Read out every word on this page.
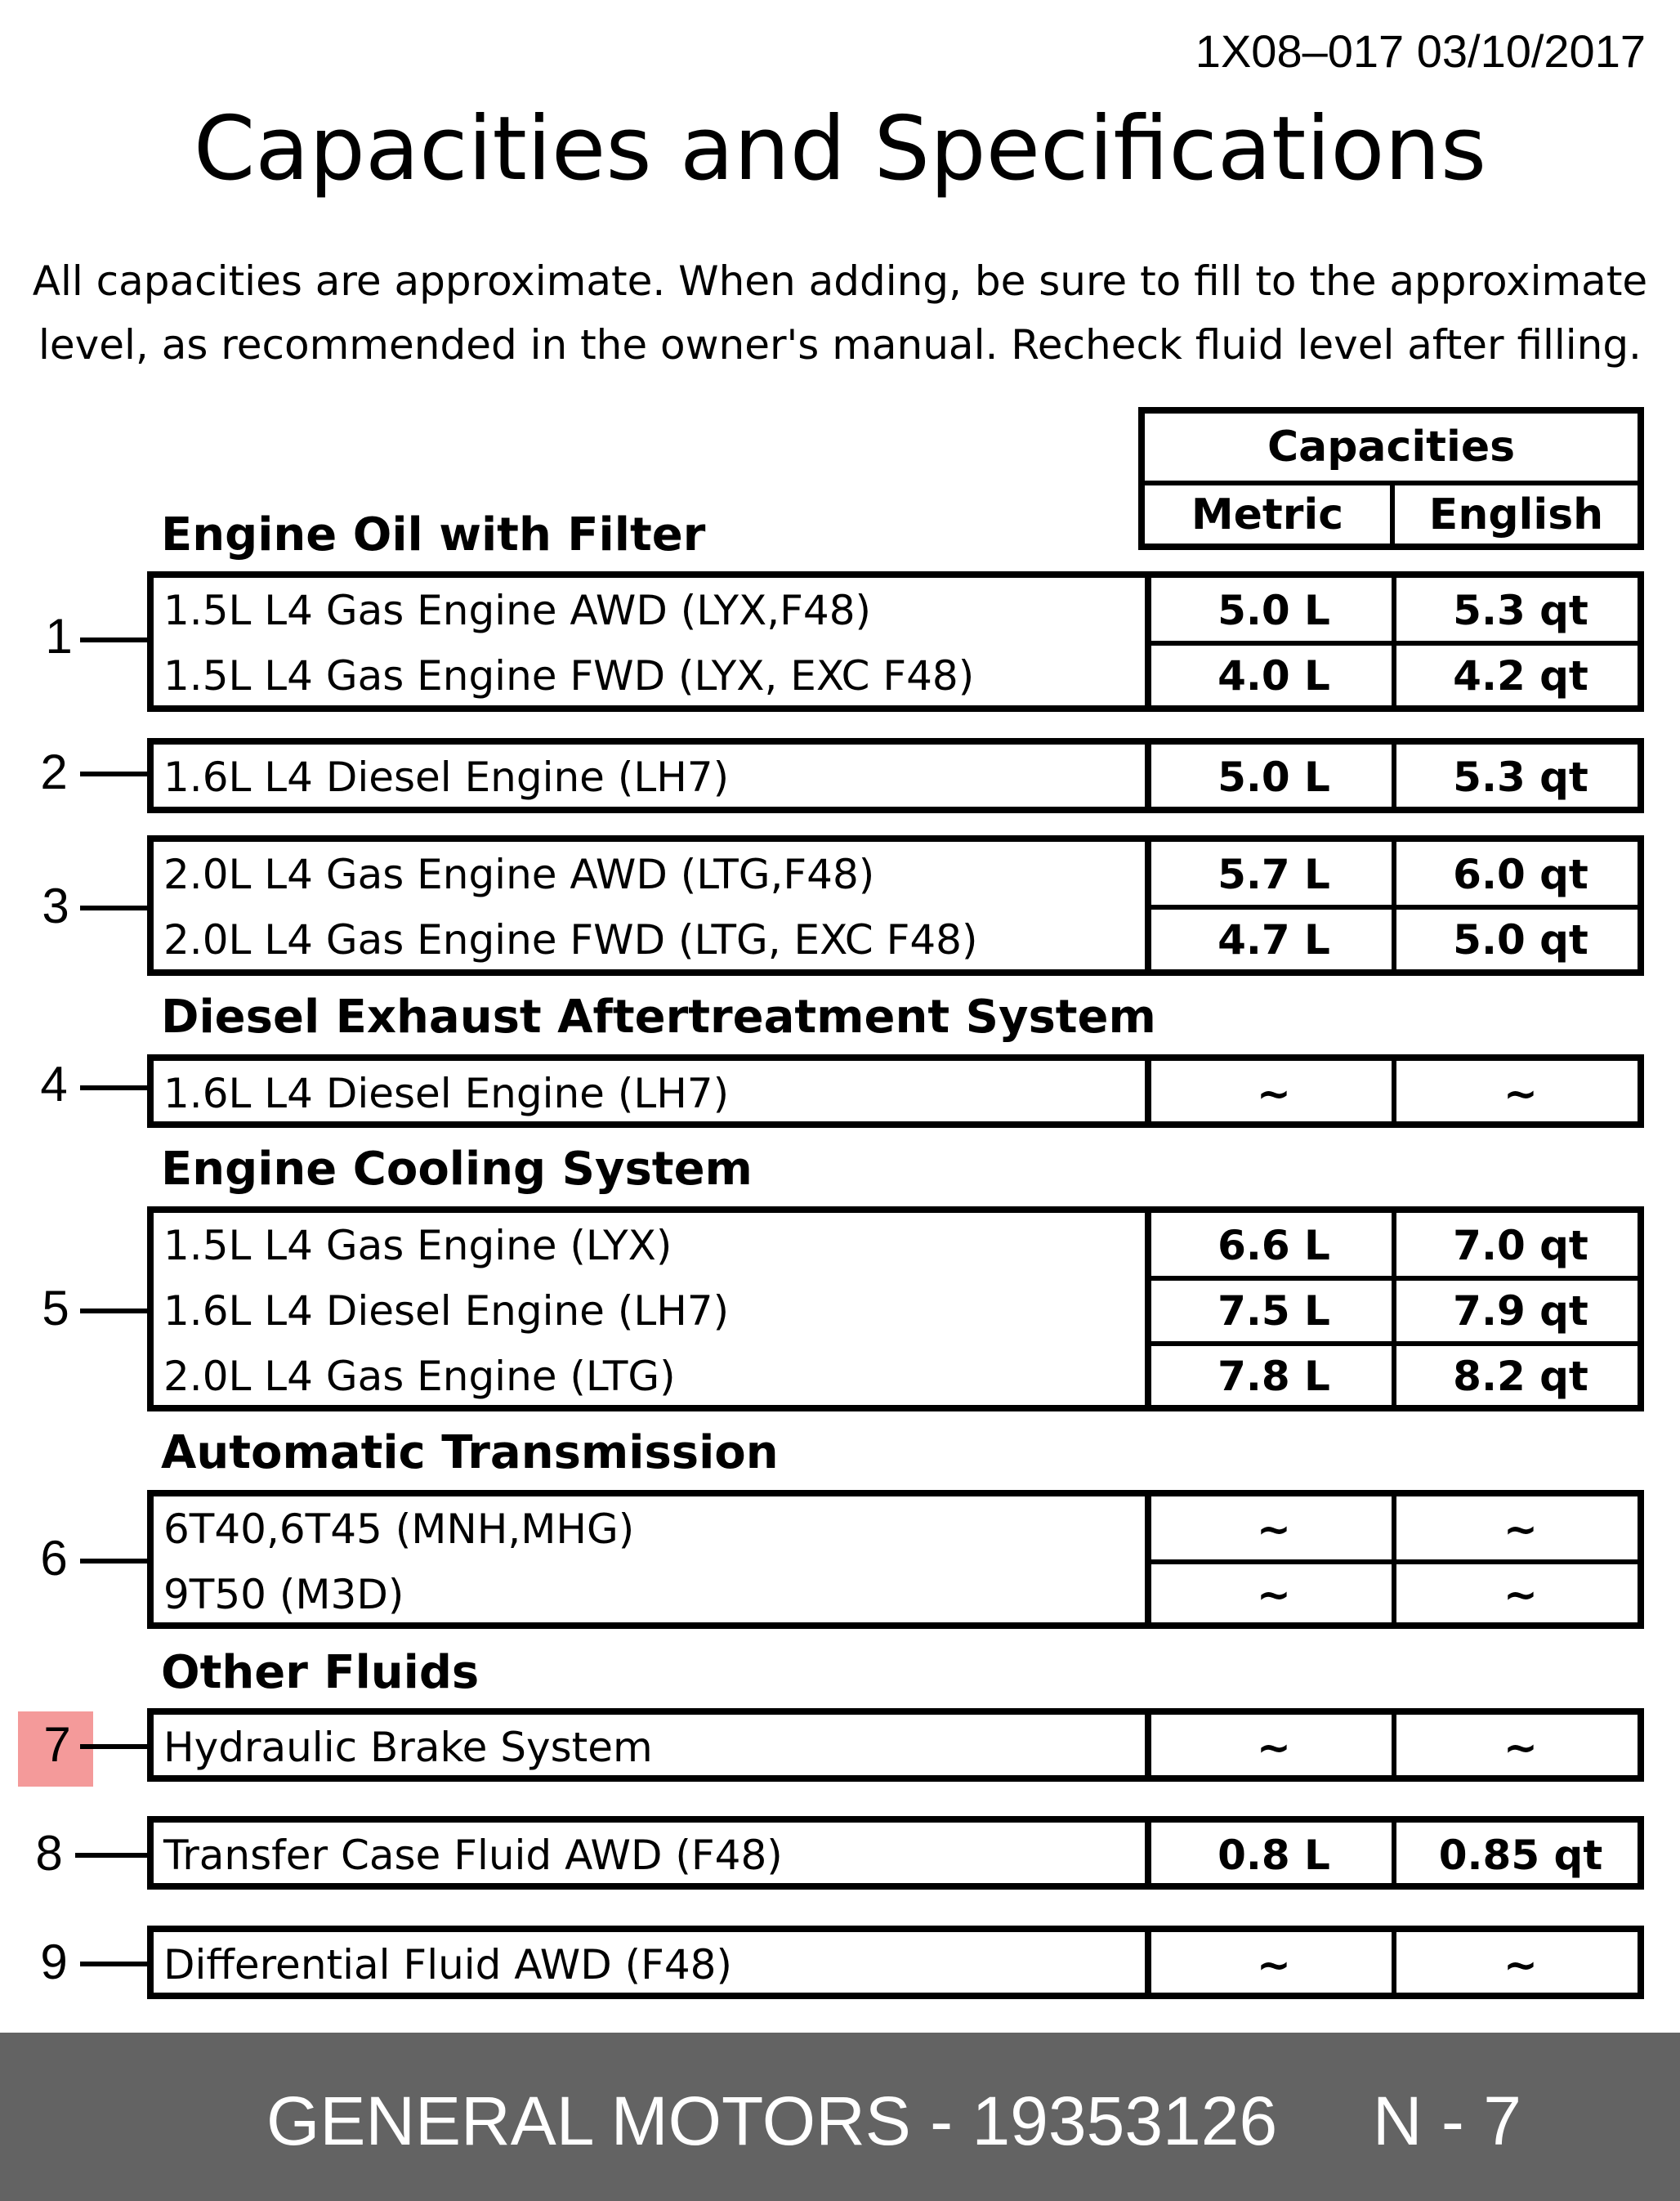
1X08–017 03/10/2017
Capacities and Specifications

All capacities are approximate. When adding, be sure to fill to the approximate
level, as recommended in the owner's manual. Recheck fluid level after filling.

Capacities
Metric	English
Engine Oil with Filter
Diesel Exhaust Aftertreatment System
Engine Cooling System
Automatic Transmission
Other Fluids
1 1.5L L4 Gas Engine AWD (LYX,F48)	5.0 L	5.3 qt
1.5L L4 Gas Engine FWD (LYX, EXC F48)	4.0 L	4.2 qt
2 1.6L L4 Diesel Engine (LH7)	5.0 L	5.3 qt
3
2.0L L4 Gas Engine AWD (LTG,F48)	5.7 L	6.0 qt
2.0L L4 Gas Engine FWD (LTG, EXC F48)	4.7 L	5.0 qt
4 1.6L L4 Diesel Engine (LH7)	~	~
5
1.5L L4 Gas Engine (LYX)	6.6 L	7.0 qt
1.6L L4 Diesel Engine (LH7)	7.5 L	7.9 qt
2.0L L4 Gas Engine (LTG)	7.8 L	8.2 qt
6
6T40,6T45 (MNH,MHG)	~	~
9T50 (M3D)	~	~
7 Hydraulic Brake System	~	~
8 Transfer Case Fluid AWD (F48)	0.8 L	0.85 qt
9 Differential Fluid AWD (F48)	~	~
GENERAL MOTORS - 19353126     N - 7
